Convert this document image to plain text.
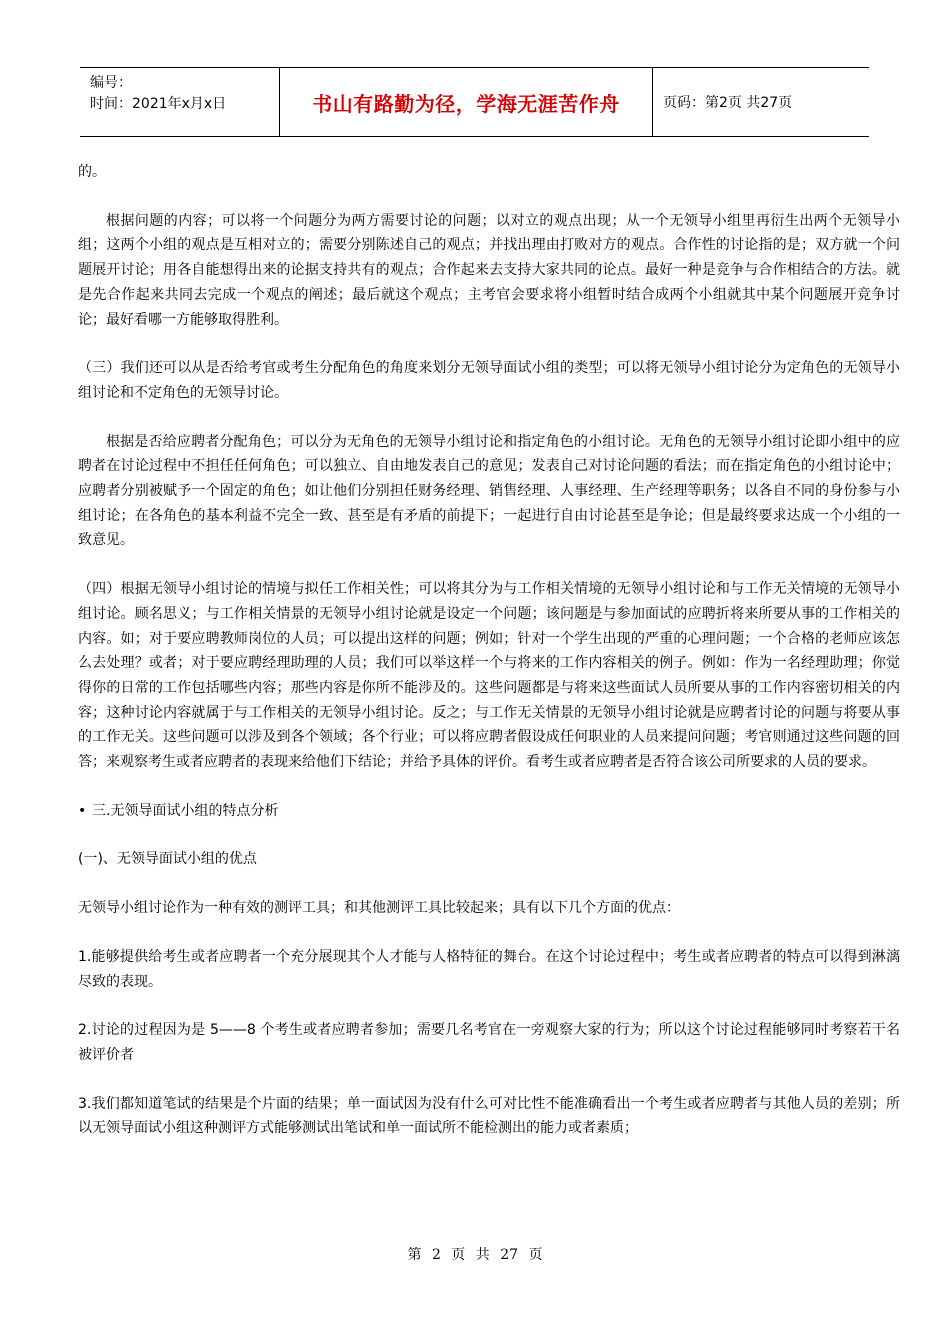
编号：
时间：2021年x月x日	书山有路勤为径，学海无涯苦作舟	页码：第2页 共27页

的。

根据问题的内容；可以将一个问题分为两方需要讨论的问题；以对立的观点出现；从一个无领导小组里再衍生出两个无领导小组；这两个小组的观点是互相对立的；需要分别陈述自己的观点；并找出理由打败对方的观点。合作性的讨论指的是；双方就一个问题展开讨论；用各自能想得出来的论据支持共有的观点；合作起来去支持大家共同的论点。最好一种是竞争与合作相结合的方法。就是先合作起来共同去完成一个观点的阐述；最后就这个观点；主考官会要求将小组暂时结合成两个小组就其中某个问题展开竞争讨论；最好看哪一方能够取得胜利。

（三）我们还可以从是否给考官或考生分配角色的角度来划分无领导面试小组的类型；可以将无领导小组讨论分为定角色的无领导小组讨论和不定角色的无领导讨论。

根据是否给应聘者分配角色；可以分为无角色的无领导小组讨论和指定角色的小组讨论。无角色的无领导小组讨论即小组中的应聘者在讨论过程中不担任任何角色；可以独立、自由地发表自己的意见；发表自己对讨论问题的看法；而在指定角色的小组讨论中；应聘者分别被赋予一个固定的角色；如让他们分别担任财务经理、销售经理、人事经理、生产经理等职务；以各自不同的身份参与小组讨论；在各角色的基本利益不完全一致、甚至是有矛盾的前提下；一起进行自由讨论甚至是争论；但是最终要求达成一个小组的一致意见。

（四）根据无领导小组讨论的情境与拟任工作相关性；可以将其分为与工作相关情境的无领导小组讨论和与工作无关情境的无领导小组讨论。顾名思义；与工作相关情景的无领导小组讨论就是设定一个问题；该问题是与参加面试的应聘折将来所要从事的工作相关的内容。如；对于要应聘教师岗位的人员；可以提出这样的问题；例如；针对一个学生出现的严重的心理问题；一个合格的老师应该怎么去处理？或者；对于要应聘经理助理的人员；我们可以举这样一个与将来的工作内容相关的例子。例如：作为一名经理助理；你觉得你的日常的工作包括哪些内容；那些内容是你所不能涉及的。这些问题都是与将来这些面试人员所要从事的工作内容密切相关的内容；这种讨论内容就属于与工作相关的无领导小组讨论。反之；与工作无关情景的无领导小组讨论就是应聘者讨论的问题与将要从事的工作无关。这些问题可以涉及到各个领域；各个行业；可以将应聘者假设成任何职业的人员来提问问题；考官则通过这些问题的回答；来观察考生或者应聘者的表现来给他们下结论；并给予具体的评价。看考生或者应聘者是否符合该公司所要求的人员的要求。

• 三.无领导面试小组的特点分析

(一)、无领导面试小组的优点

无领导小组讨论作为一种有效的测评工具；和其他测评工具比较起来；具有以下几个方面的优点：

1.能够提供给考生或者应聘者一个充分展现其个人才能与人格特征的舞台。在这个讨论过程中；考生或者应聘者的特点可以得到淋漓尽致的表现。

2.讨论的过程因为是 5——8 个考生或者应聘者参加；需要几名考官在一旁观察大家的行为；所以这个讨论过程能够同时考察若干名被评价者

3.我们都知道笔试的结果是个片面的结果；单一面试因为没有什么可对比性不能准确看出一个考生或者应聘者与其他人员的差别；所以无领导面试小组这种测评方式能够测试出笔试和单一面试所不能检测出的能力或者素质；

第 2 页 共 27 页
